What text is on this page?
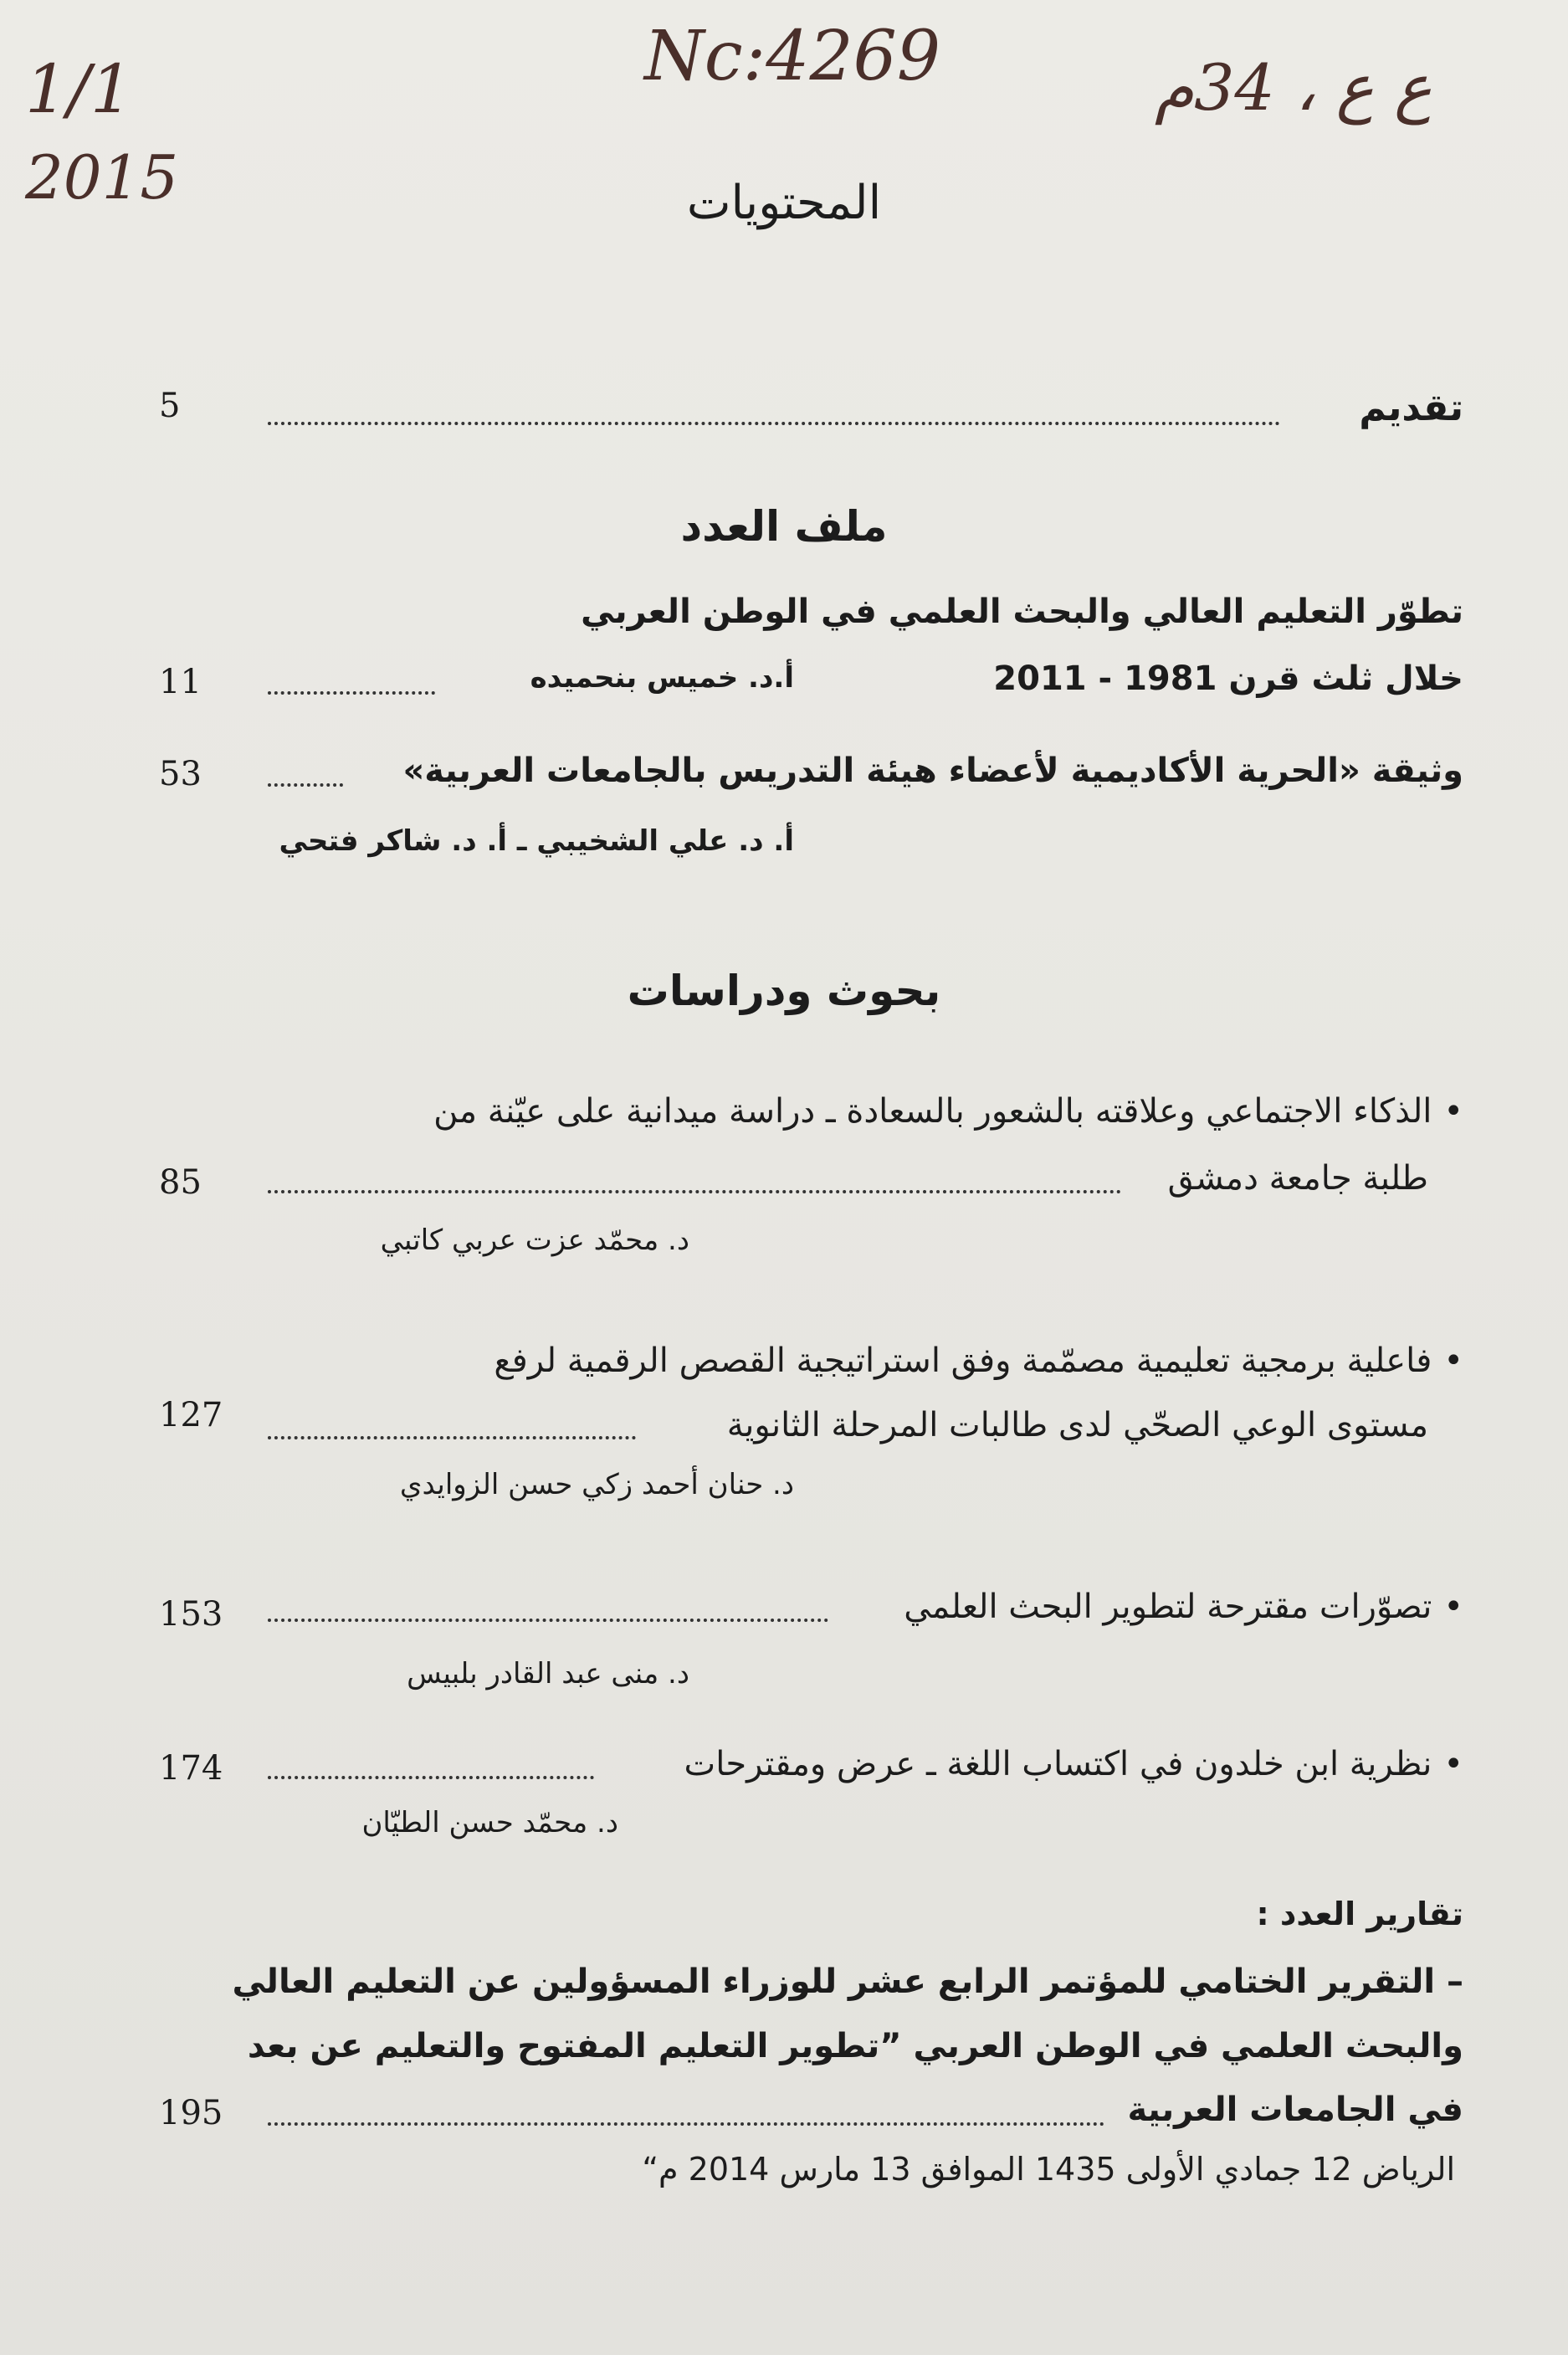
1/1
2015
Nc:4269	ع ع ، 34م
المحتويات
5	تقديم
ملف العدد
تطوّر التعليم العالي والبحث العلمي في الوطن العربي
خلال ثلث قرن 1981 - 2011
أ.د. خميس بنحميده
11
وثيقة «الحرية الأكاديمية لأعضاء هيئة التدريس بالجامعات العربية»
53
أ. د. علي الشخيبي ـ أ. د. شاكر فتحي
بحوث ودراسات
• الذكاء الاجتماعي وعلاقته بالشعور بالسعادة ـ دراسة ميدانية على عيّنة من
طلبة جامعة دمشق
85
د. محمّد عزت عربي كاتبي
• فاعلية برمجية تعليمية مصمّمة وفق استراتيجية القصص الرقمية لرفع
مستوى الوعي الصحّي لدى طالبات المرحلة الثانوية
127
د. حنان أحمد زكي حسن الزوايدي
• تصوّرات مقترحة لتطوير البحث العلمي
153
د. منى عبد القادر بلبيس
• نظرية ابن خلدون في اكتساب اللغة ـ عرض ومقترحات
174
د. محمّد حسن الطيّان
تقارير العدد :
– التقرير الختامي للمؤتمر الرابع عشر للوزراء المسؤولين عن التعليم العالي
والبحث العلمي في الوطن العربي ”تطوير التعليم المفتوح والتعليم عن بعد
في الجامعات العربية
195
الرياض 12 جمادي الأولى 1435 الموافق 13 مارس 2014 م“
